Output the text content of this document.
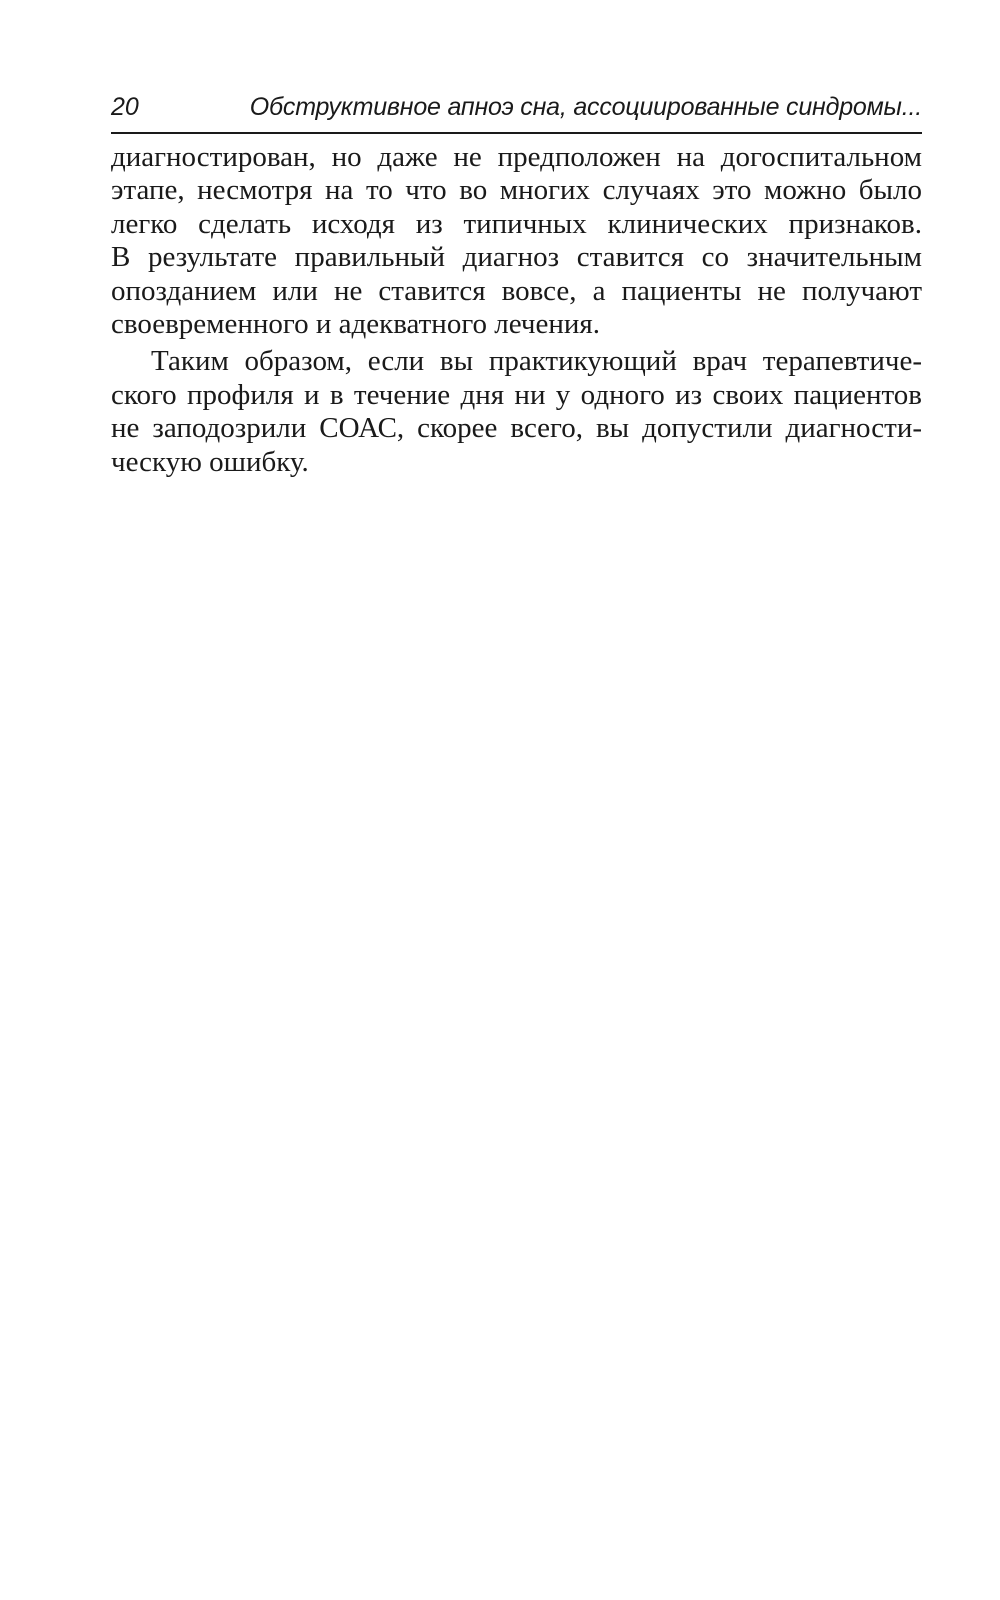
20	Обструктивное апноэ сна, ассоциированные синдромы...
диагностирован, но даже не предположен на догоспитальном
этапе, несмотря на то что во многих случаях это можно было
легко сделать исходя из типичных клинических признаков.
В результате правильный диагноз ставится со значительным
опозданием или не ставится вовсе, а пациенты не получают
своевременного и адекватного лечения.
Таким образом, если вы практикующий врач терапевтиче-
ского профиля и в течение дня ни у одного из своих пациентов
не заподозрили СОАС, скорее всего, вы допустили диагности-
ческую ошибку.
